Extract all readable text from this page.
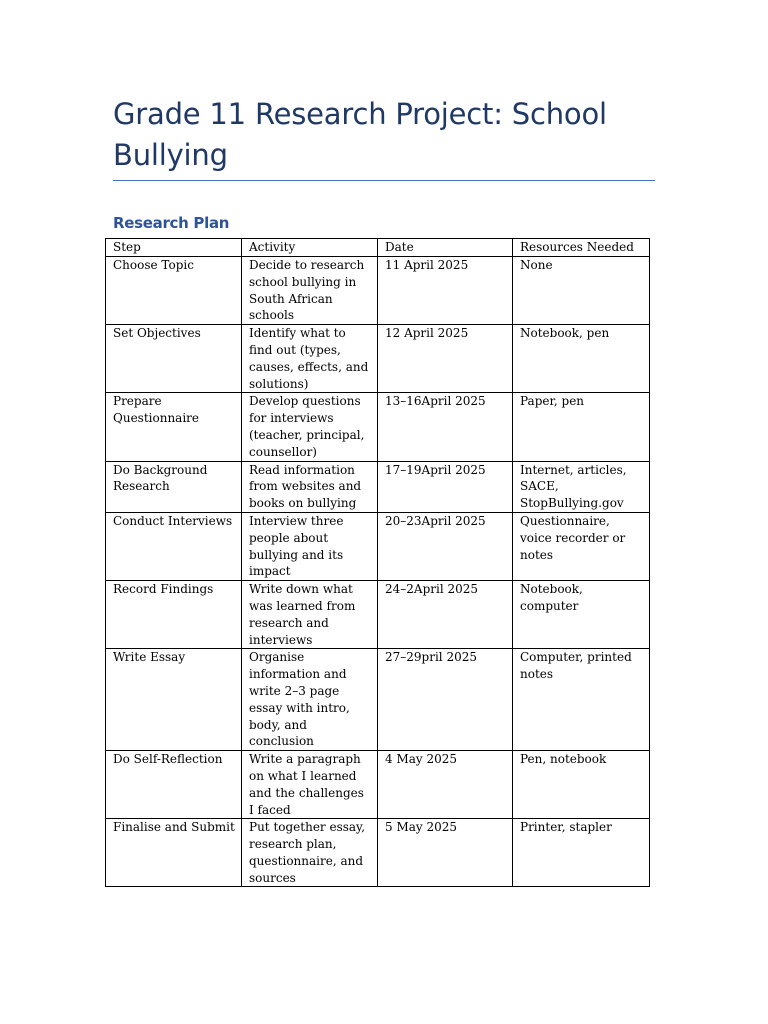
Grade 11 Research Project: School Bullying
Research Plan
Step	Activity	Date	Resources Needed
Choose Topic	Decide to research school bullying in South African schools	11 April 2025	None
Set Objectives	Identify what to find out (types, causes, effects, and solutions)	12 April 2025	Notebook, pen
Prepare Questionnaire	Develop questions for interviews (teacher, principal, counsellor)	13–16April 2025	Paper, pen
Do Background Research	Read information from websites and books on bullying	17–19April 2025	Internet, articles, SACE, StopBullying.gov
Conduct Interviews	Interview three people about bullying and its impact	20–23April 2025	Questionnaire, voice recorder or notes
Record Findings	Write down what was learned from research and interviews	24–2April 2025	Notebook, computer
Write Essay	Organise information and write 2–3 page essay with intro, body, and conclusion	27–29pril 2025	Computer, printed notes
Do Self-Reflection	Write a paragraph on what I learned and the challenges I faced	4 May 2025	Pen, notebook
Finalise and Submit	Put together essay, research plan, questionnaire, and sources	5 May 2025	Printer, stapler
